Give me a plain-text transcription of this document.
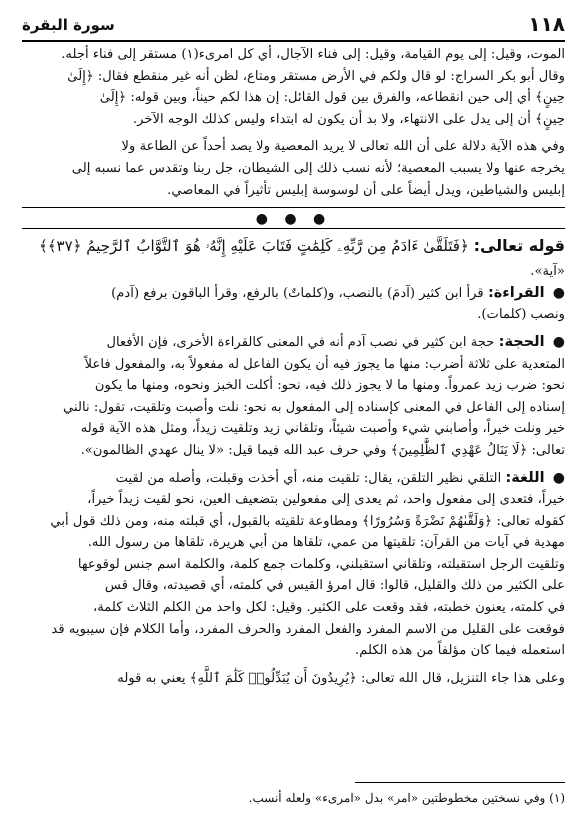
١١٨
سورة البقرة

الموت، وقيل: إلى يوم القيامة، وقيل: إلى فناء الآجال، أي كل امرىء(١) مستقر إلى فناء أجله.
وقال أبو بكر السراج: لو قال ولكم في الأرض مستقر ومتاع، لظن أنه غير منقطع فقال: ﴿إِلَىٰ
حِينٍ﴾ أي إلى حين انقطاعه، والفرق بين قول القائل: إن هذا لكم حيناً، وبين قوله: ﴿إِلَىٰ
حِينٍ﴾ أن إلى يدل على الانتهاء، ولا بد أن يكون له ابتداء وليس كذلك الوجه الآخر.

وفي هذه الآية دلالة على أن الله تعالى لا يريد المعصية ولا يصد أحداً عن الطاعة ولا
يخرجه عنها ولا يسبب المعصية؛ لأنه نسب ذلك إلى الشيطان، جل ربنا وتقدس عما نسبه إلى
إبليس والشياطين، ويدل أيضاً على أن لوسوسة إبليس تأثيراً في المعاصي.

● ● ●

قوله تعالى: ﴿فَتَلَقَّىٰ ءَادَمُ مِن رَّبِّهِۦ كَلِمَٰتٍ فَتَابَ عَلَيْهِ إِنَّهُۥ هُوَ ٱلتَّوَّابُ ٱلرَّحِيمُ ﴿٣٧﴾﴾

«آية».

● القراءة: قرأ ابن كثير (آدمَ) بالنصب، و(كلماتٌ) بالرفع، وقرأ الباقون برفع (آدم)
ونصب (كلمات).

● الحجة: حجة ابن كثير في نصب آدم أنه في المعنى كالقراءة الأخرى، فإن الأفعال
المتعدية على ثلاثة أضرب: منها ما يجوز فيه أن يكون الفاعل له مفعولاً به، والمفعول فاعلاً
نحو: ضرب زيد عمرواً. ومنها ما لا يجوز ذلك فيه، نحو: أكلت الخبز ونحوه، ومنها ما يكون
إسناده إلى الفاعل في المعنى كإسناده إلى المفعول به نحو: نلت وأصبت وتلقيت، تقول: نالني
خير ونلت خيراً، وأصابني شيء وأصبت شيئاً، وتلقاني زيد وتلقيت زيداً، ومثل هذه الآية قوله
تعالى: ﴿لَا يَنَالُ عَهْدِي ٱلظَّٰلِمِينَ﴾ وفي حرف عبد الله فيما قيل: «لا ينال عهدي الظالمون».

● اللغة: التلقي نظير التلقن، يقال: تلقيت منه، أي أخذت وقبلت، وأصله من لقيت
خيراً، فتعدى إلى مفعول واحد، ثم يعدى إلى مفعولين بتضعيف العين، نحو لقيت زيداً خيراً،
كقوله تعالى: ﴿وَلَقَّىٰهُمْ نَضْرَةً وَسُرُورًا﴾ ومطاوعة تلقيته بالقبول، أي قبلته منه، ومن ذلك قول أبي
مهدية في آيات من القرآن: تلقيتها من عمي، تلقاها من أبي هريرة، تلقاها من رسول الله.
وتلقيت الرجل استقبلته، وتلقاني استقبلني، وكلمات جمع كلمة، والكلمة اسم جنس لوقوعها
على الكثير من ذلك والقليل، قالوا: قال امرؤ القيس في كلمته، أي قصيدته، وقال قس
في كلمته، يعنون خطبته، فقد وقعت على الكثير. وقيل: لكل واحد من الكلم الثلاث كلمة،
فوقعت على القليل من الاسم المفرد والفعل المفرد والحرف المفرد، وأما الكلام فإن سيبويه قد
استعمله فيما كان مؤلفاً من هذه الكلم.

وعلى هذا جاء التنزيل، قال الله تعالى: ﴿يُرِيدُونَ أَن يُبَدِّلُوا۟ كَلَٰمَ ٱللَّهِ﴾ يعني به قوله

(١) وفي نسختين مخطوطتين «امر» بدل «امرىء» ولعله أنسب.
